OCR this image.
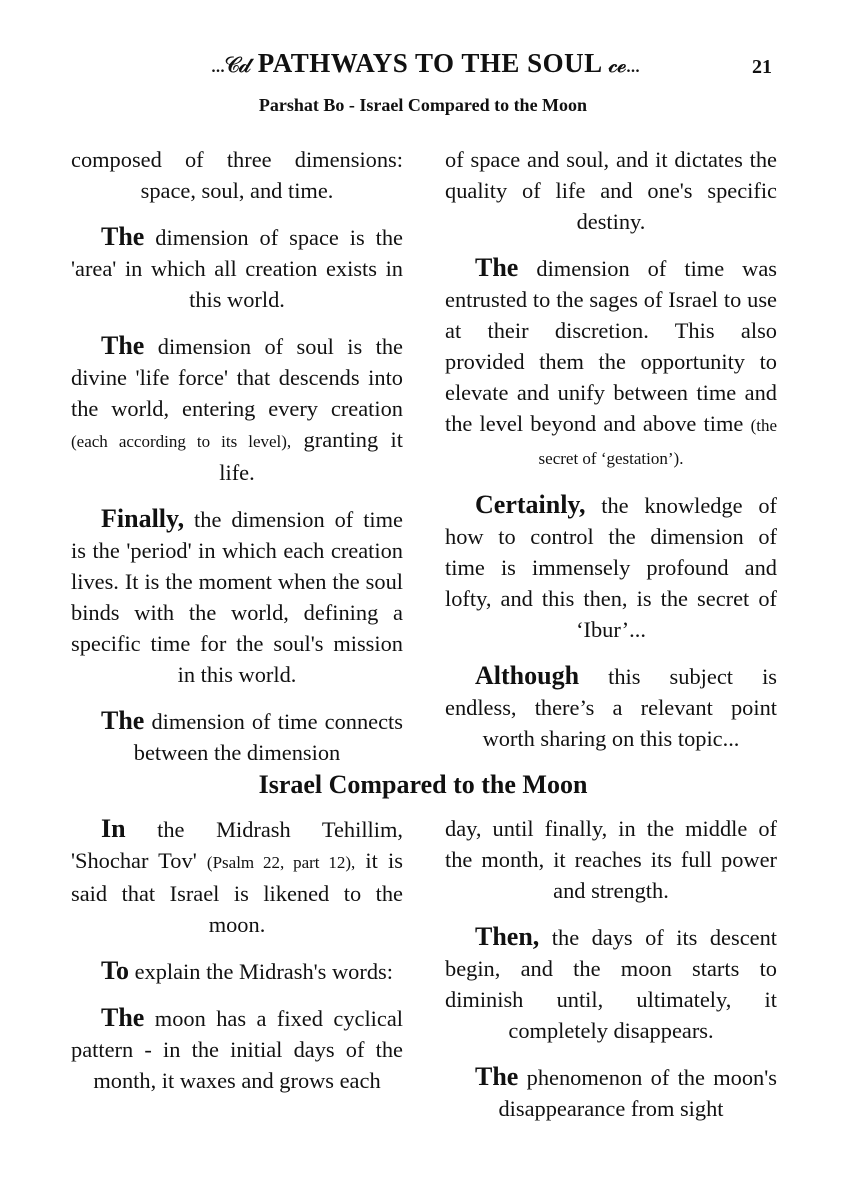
...𝓒𝓭 PATHWAYS TO THE SOUL 𝓬𝓮...	21
Parshat Bo - Israel Compared to the Moon

composed of three dimensions: space, soul, and time.

The dimension of space is the 'area' in which all creation exists in this world.

The dimension of soul is the divine 'life force' that descends into the world, entering every creation (each according to its level), granting it life.

Finally, the dimension of time is the 'period' in which each creation lives. It is the moment when the soul binds with the world, defining a specific time for the soul's mission in this world.

The dimension of time connects between the dimension

of space and soul, and it dictates the quality of life and one's specific destiny.

The dimension of time was entrusted to the sages of Israel to use at their discretion. This also provided them the opportunity to elevate and unify between time and the level beyond and above time (the secret of ‘gestation’).

Certainly, the knowledge of how to control the dimension of time is immensely profound and lofty, and this then, is the secret of ‘Ibur’...

Although this subject is endless, there’s a relevant point worth sharing on this topic...

Israel Compared to the Moon

In the Midrash Tehillim, 'Shochar Tov' (Psalm 22, part 12), it is said that Israel is likened to the moon.

To explain the Midrash's words:

The moon has a fixed cyclical pattern - in the initial days of the month, it waxes and grows each

day, until finally, in the middle of the month, it reaches its full power and strength.

Then, the days of its descent begin, and the moon starts to diminish until, ultimately, it completely disappears.

The phenomenon of the moon's disappearance from sight
